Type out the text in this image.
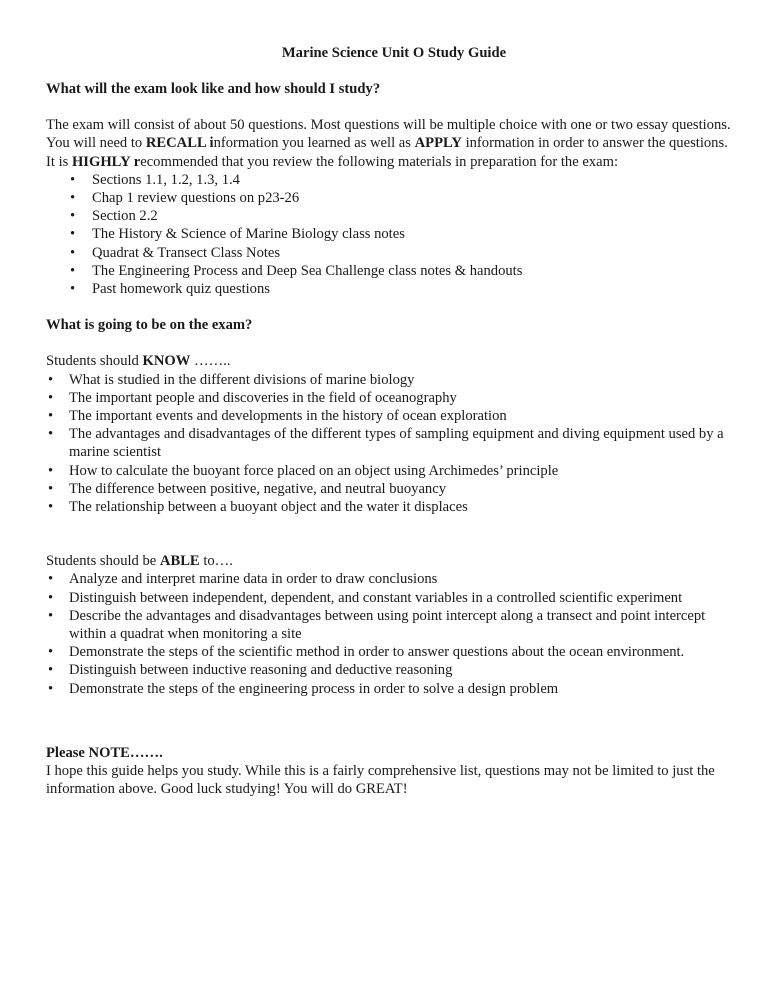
Marine Science Unit O Study Guide

What will the exam look like and how should I study?

The exam will consist of about 50 questions. Most questions will be multiple choice with one or two essay questions. You will need to RECALL information you learned as well as APPLY information in order to answer the questions. It is HIGHLY recommended that you review the following materials in preparation for the exam:

• Sections 1.1, 1.2, 1.3, 1.4
• Chap 1 review questions on p23-26
• Section 2.2
• The History & Science of Marine Biology class notes
• Quadrat & Transect Class Notes
• The Engineering Process and Deep Sea Challenge class notes & handouts
• Past homework quiz questions

What is going to be on the exam?

Students should KNOW ……..

• What is studied in the different divisions of marine biology
• The important people and discoveries in the field of oceanography
• The important events and developments in the history of ocean exploration
• The advantages and disadvantages of the different types of sampling equipment and diving equipment used by a marine scientist
• How to calculate the buoyant force placed on an object using Archimedes’ principle
• The difference between positive, negative, and neutral buoyancy
• The relationship between a buoyant object and the water it displaces

Students should be ABLE to….

• Analyze and interpret marine data in order to draw conclusions
• Distinguish between independent, dependent, and constant variables in a controlled scientific experiment
• Describe the advantages and disadvantages between using point intercept along a transect and point intercept within a quadrat when monitoring a site
• Demonstrate the steps of the scientific method in order to answer questions about the ocean environment.
• Distinguish between inductive reasoning and deductive reasoning
• Demonstrate the steps of the engineering process in order to solve a design problem

Please NOTE…….

I hope this guide helps you study. While this is a fairly comprehensive list, questions may not be limited to just the information above. Good luck studying! You will do GREAT!
